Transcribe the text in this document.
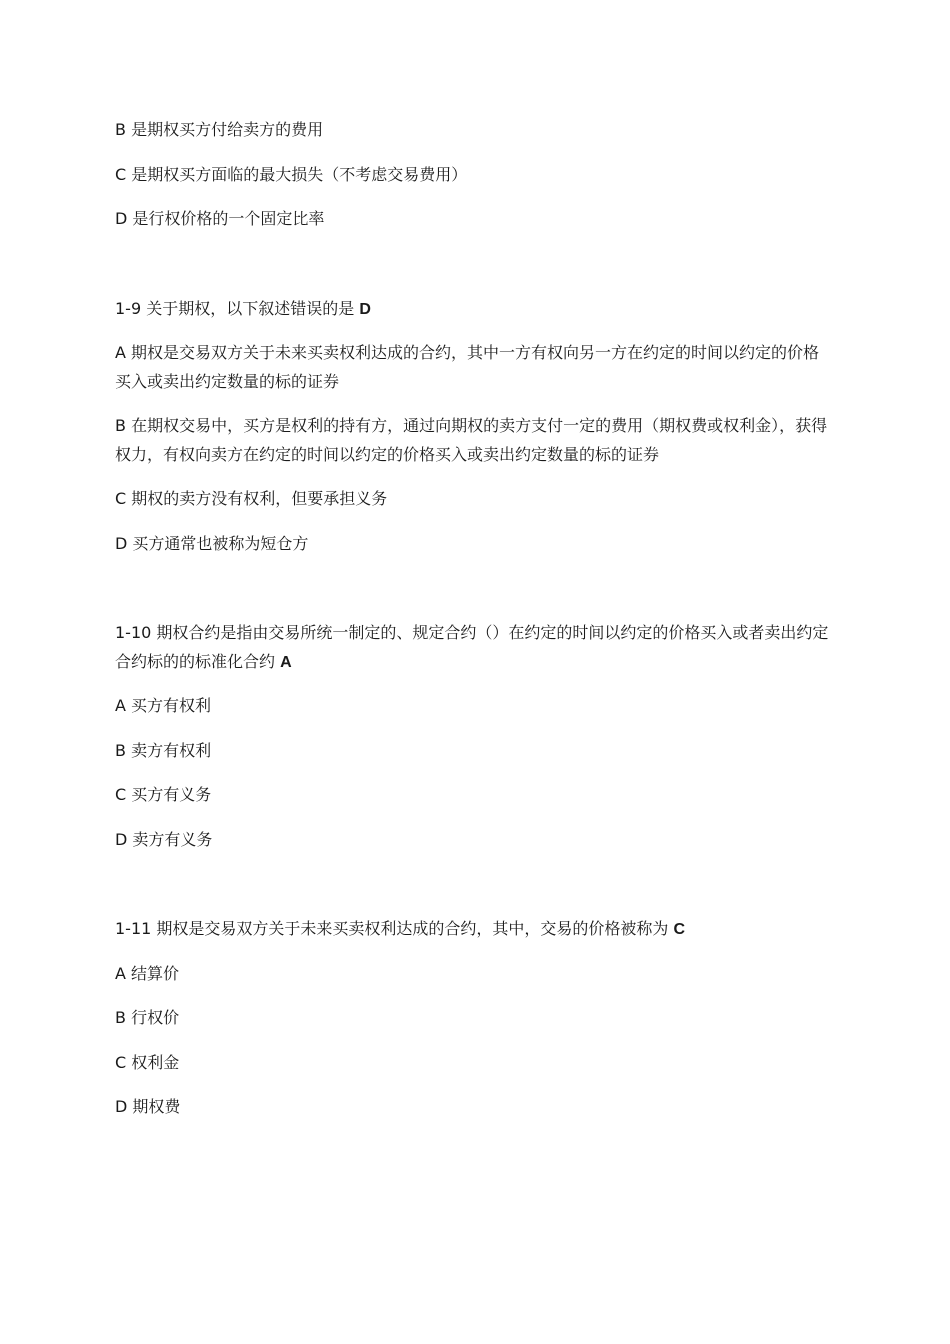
B 是期权买方付给卖方的费用
C 是期权买方面临的最大损失（不考虑交易费用）
D 是行权价格的一个固定比率
1-9 关于期权，以下叙述错误的是 D
A 期权是交易双方关于未来买卖权利达成的合约，其中一方有权向另一方在约定的时间以约定的价格买入或卖出约定数量的标的证券
B 在期权交易中，买方是权利的持有方，通过向期权的卖方支付一定的费用（期权费或权利金），获得权力，有权向卖方在约定的时间以约定的价格买入或卖出约定数量的标的证券
C 期权的卖方没有权利，但要承担义务
D 买方通常也被称为短仓方
1-10 期权合约是指由交易所统一制定的、规定合约（）在约定的时间以约定的价格买入或者卖出约定合约标的的标准化合约 A
A 买方有权利
B 卖方有权利
C 买方有义务
D 卖方有义务
1-11 期权是交易双方关于未来买卖权利达成的合约，其中，交易的价格被称为 C
A 结算价
B 行权价
C 权利金
D 期权费
